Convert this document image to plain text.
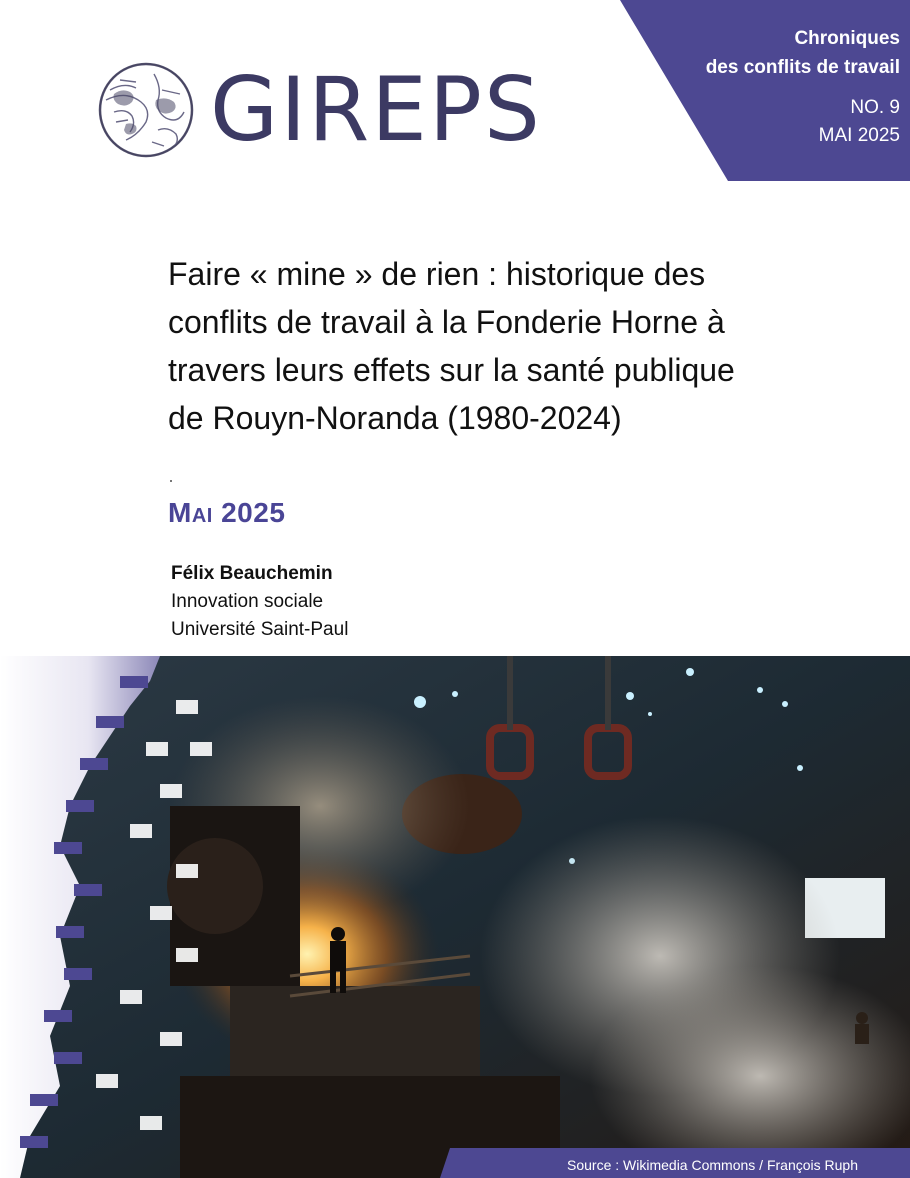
Chroniques
des conflits de travail
NO. 9
MAI 2025
GIREPS
Faire « mine » de rien : historique des
conflits de travail à la Fonderie Horne à
travers leurs effets sur la santé publique
de Rouyn-Noranda (1980-2024)
Mai 2025
Félix Beauchemin
Innovation sociale
Université Saint-Paul
Source : Wikimedia Commons / François Ruph
